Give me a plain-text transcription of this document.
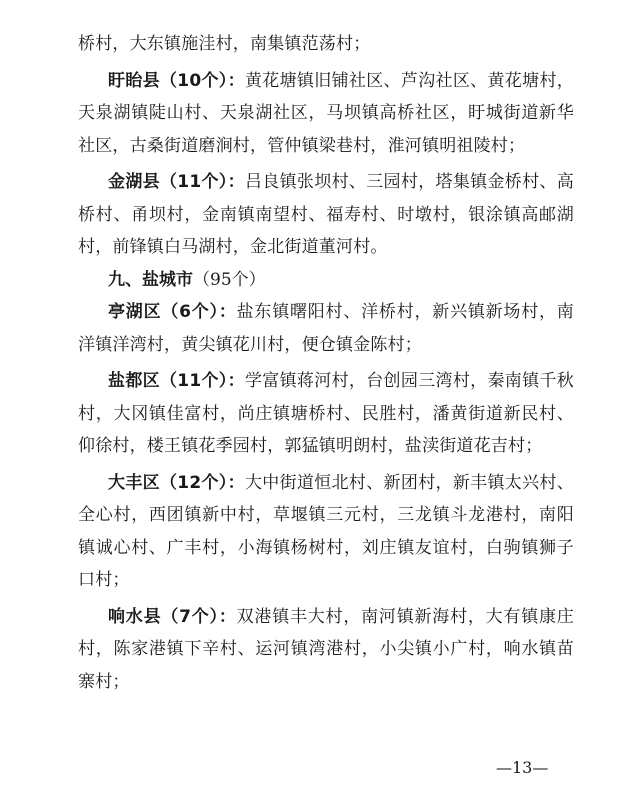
桥村，大东镇施洼村，南集镇范荡村；

盱眙县（10个）：黄花塘镇旧铺社区、芦沟社区、黄花塘村，天泉湖镇陡山村、天泉湖社区，马坝镇高桥社区，盱城街道新华社区，古桑街道磨涧村，管仲镇梁巷村，淮河镇明祖陵村；

金湖县（11个）：吕良镇张坝村、三园村，塔集镇金桥村、高桥村、甬坝村，金南镇南望村、福寿村、时墩村，银涂镇高邮湖村，前锋镇白马湖村，金北街道董河村。

九、盐城市（95个）

亭湖区（6个）：盐东镇曙阳村、洋桥村，新兴镇新场村，南洋镇洋湾村，黄尖镇花川村，便仓镇金陈村；

盐都区（11个）：学富镇蒋河村，台创园三湾村，秦南镇千秋村，大冈镇佳富村，尚庄镇塘桥村、民胜村，潘黄街道新民村、仰徐村，楼王镇花季园村，郭猛镇明朗村，盐渎街道花吉村；

大丰区（12个）：大中街道恒北村、新团村，新丰镇太兴村、全心村，西团镇新中村，草堰镇三元村，三龙镇斗龙港村，南阳镇诚心村、广丰村，小海镇杨树村，刘庄镇友谊村，白驹镇狮子口村；

响水县（7个）：双港镇丰大村，南河镇新海村，大有镇康庄村，陈家港镇下辛村、运河镇湾港村，小尖镇小广村，响水镇苗寨村；

—13—
